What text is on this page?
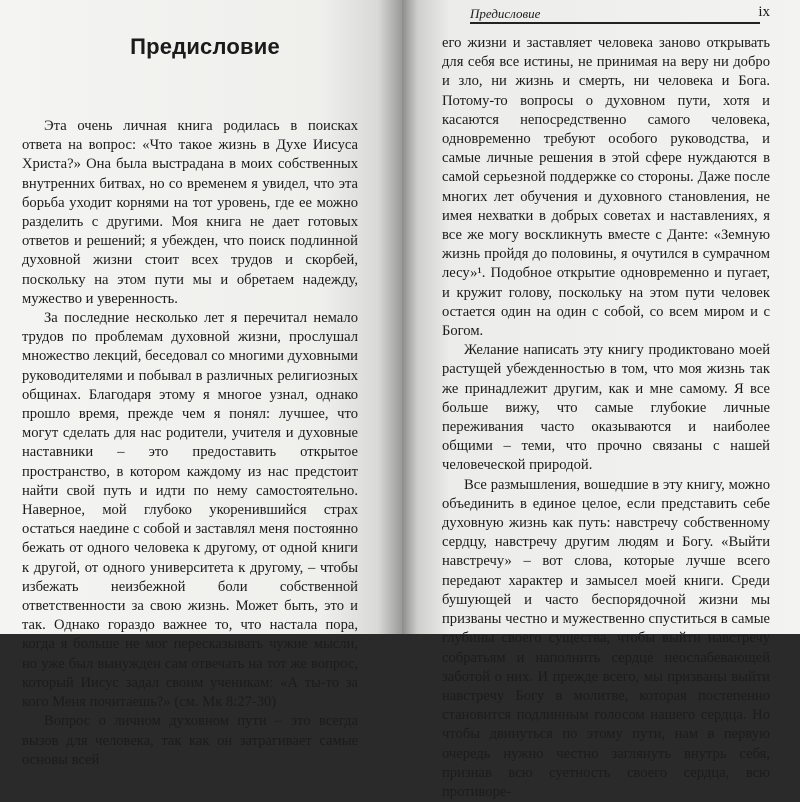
Предисловие

Эта очень личная книга родилась в поисках ответа на вопрос: «Что такое жизнь в Духе Иисуса Христа?» Она была выстрадана в моих собственных внутренних битвах, но со временем я увидел, что эта борьба уходит корнями на тот уровень, где ее можно разделить с другими. Моя книга не дает готовых ответов и решений; я убежден, что поиск подлинной духовной жизни стоит всех трудов и скорбей, поскольку на этом пути мы и обретаем надежду, мужество и уверенность.

За последние несколько лет я перечитал немало трудов по проблемам духовной жизни, прослушал множество лекций, беседовал со многими духовными руководителями и побывал в различных религиозных общинах. Благодаря этому я многое узнал, однако прошло время, прежде чем я понял: лучшее, что могут сделать для нас родители, учителя и духовные наставники – это предоставить открытое пространство, в котором каждому из нас предстоит найти свой путь и идти по нему самостоятельно. Наверное, мой глубоко укоренившийся страх остаться наедине с собой и заставлял меня постоянно бежать от одного человека к другому, от одной книги к другой, от одного университета к другому, – чтобы избежать неизбежной боли собственной ответственности за свою жизнь. Может быть, это и так. Однако гораздо важнее то, что настала пора, когда я больше не мог пересказывать чужие мысли, но уже был вынужден сам отвечать на тот же вопрос, который Иисус задал своим ученикам: «А ты-то за кого Меня почитаешь?» (см. Мк 8:27-30)

Вопрос о личном духовном пути – это всегда вызов для человека, так как он затрагивает самые основы всей

Предисловие	ix

его жизни и заставляет человека заново открывать для себя все истины, не принимая на веру ни добро и зло, ни жизнь и смерть, ни человека и Бога. Потому-то вопросы о духовном пути, хотя и касаются непосредственно самого человека, одновременно требуют особого руководства, и самые личные решения в этой сфере нуждаются в самой серьезной поддержке со стороны. Даже после многих лет обучения и духовного становления, не имея нехватки в добрых советах и наставлениях, я все же могу воскликнуть вместе с Данте: «Земную жизнь пройдя до половины, я очутился в сумрачном лесу»¹. Подобное открытие одновременно и пугает, и кружит голову, поскольку на этом пути человек остается один на один с собой, со всем миром и с Богом.

Желание написать эту книгу продиктовано моей растущей убежденностью в том, что моя жизнь так же принадлежит другим, как и мне самому. Я все больше вижу, что самые глубокие личные переживания часто оказываются и наиболее общими – теми, что прочно связаны с нашей человеческой природой.

Все размышления, вошедшие в эту книгу, можно объединить в единое целое, если представить себе духовную жизнь как путь: навстречу собственному сердцу, навстречу другим людям и Богу. «Выйти навстречу» – вот слова, которые лучше всего передают характер и замысел моей книги. Среди бушующей и часто беспорядочной жизни мы призваны честно и мужественно спуститься в самые глубины своего существа, чтобы выйти навстречу собратьям и наполнить сердце неослабевающей заботой о них. И прежде всего, мы призваны выйти навстречу Богу в молитве, которая постепенно становится подлинным голосом нашего сердца. Но чтобы двинуться по этому пути, нам в первую очередь нужно честно заглянуть внутрь себя, признав всю суетность своего сердца, всю противоре-
